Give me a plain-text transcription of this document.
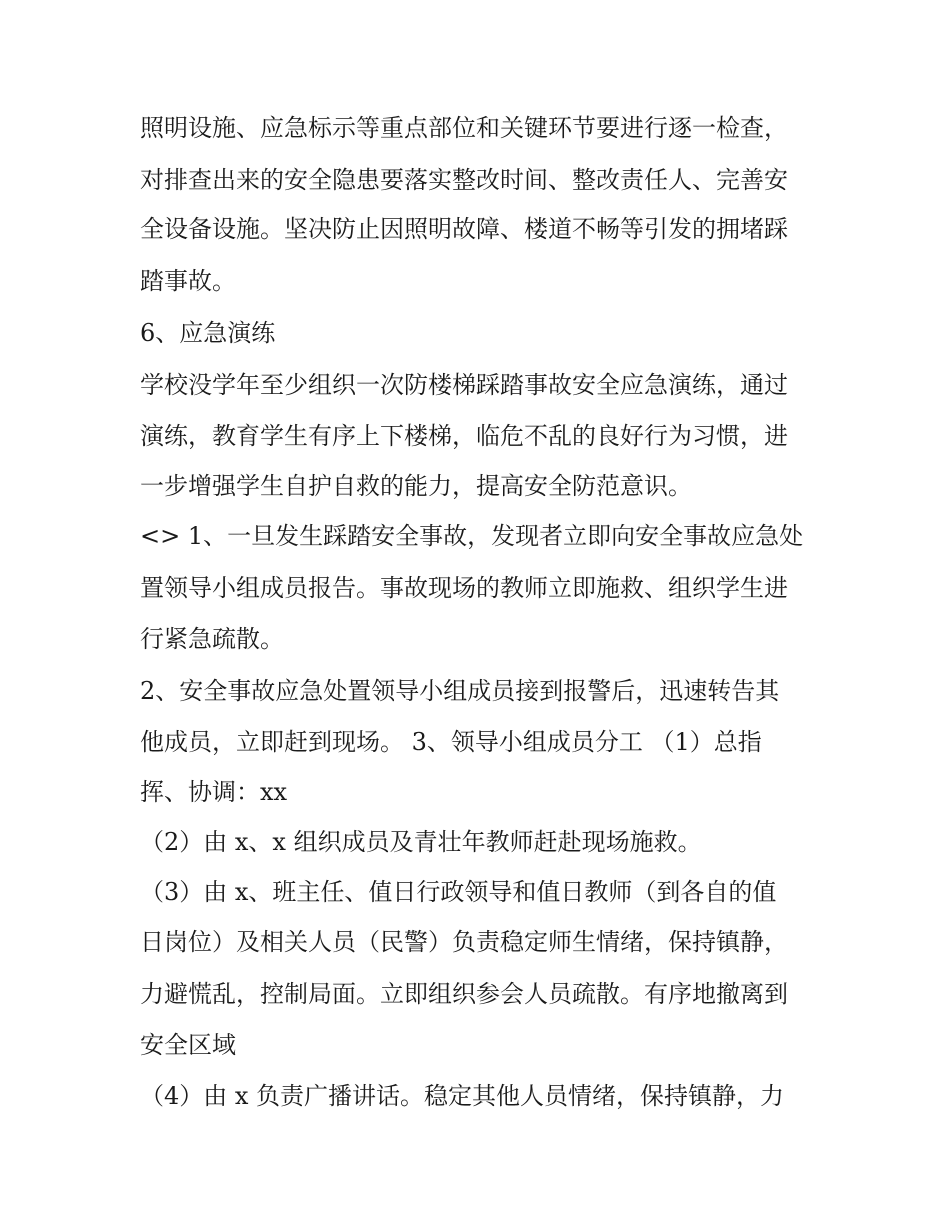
照明设施、应急标示等重点部位和关键环节要进行逐一检查，
对排查出来的安全隐患要落实整改时间、整改责任人、完善安
全设备设施。坚决防止因照明故障、楼道不畅等引发的拥堵踩
踏事故。
6、应急演练
学校没学年至少组织一次防楼梯踩踏事故安全应急演练，通过
演练，教育学生有序上下楼梯，临危不乱的良好行为习惯，进
一步增强学生自护自救的能力，提高安全防范意识。
<> 1、一旦发生踩踏安全事故，发现者立即向安全事故应急处
置领导小组成员报告。事故现场的教师立即施救、组织学生进
行紧急疏散。
2、安全事故应急处置领导小组成员接到报警后，迅速转告其
他成员，立即赶到现场。 3、领导小组成员分工 （1）总指
挥、协调：xx
（2）由 x、x 组织成员及青壮年教师赶赴现场施救。
（3）由 x、班主任、值日行政领导和值日教师（到各自的值
日岗位）及相关人员（民警）负责稳定师生情绪，保持镇静，
力避慌乱，控制局面。立即组织参会人员疏散。有序地撤离到
安全区域
（4）由 x 负责广播讲话。稳定其他人员情绪，保持镇静，力
